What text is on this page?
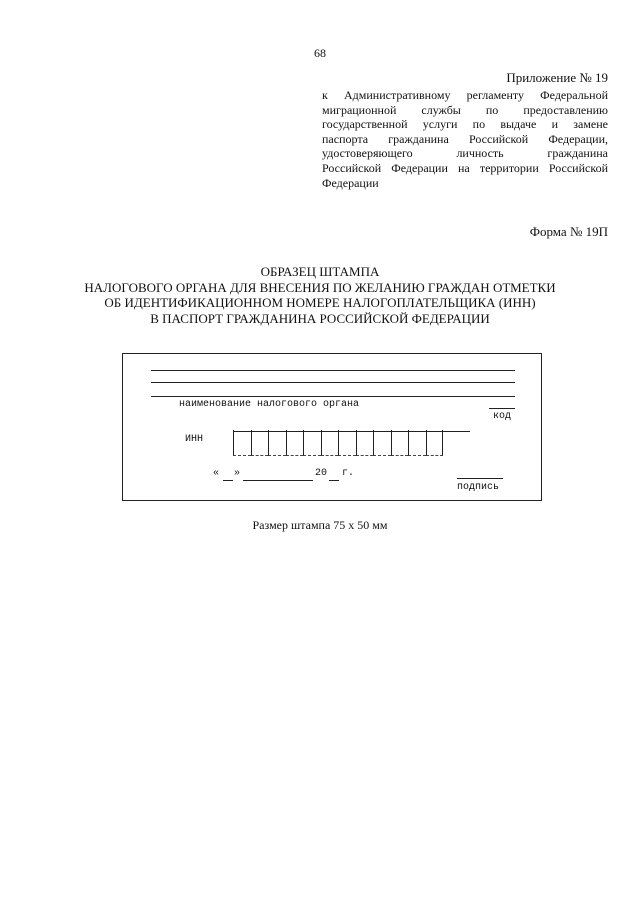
68
Приложение № 19
к Административному регламенту Федеральной
миграционной службы по предоставлению
государственной услуги по выдаче и замене
паспорта гражданина Российской Федерации,
удостоверяющего личность гражданина
Российской Федерации на территории Российской
Федерации
Форма № 19П
ОБРАЗЕЦ ШТАМПА
НАЛОГОВОГО ОРГАНА ДЛЯ ВНЕСЕНИЯ ПО ЖЕЛАНИЮ ГРАЖДАН ОТМЕТКИ
ОБ ИДЕНТИФИКАЦИОННОМ НОМЕРЕ НАЛОГОПЛАТЕЛЬЩИКА (ИНН)
В ПАСПОРТ ГРАЖДАНИНА РОССИЙСКОЙ ФЕДЕРАЦИИ
наименование налогового органа
код
ИНН
« »	20 г.
подпись
Размер штампа 75 х 50 мм
